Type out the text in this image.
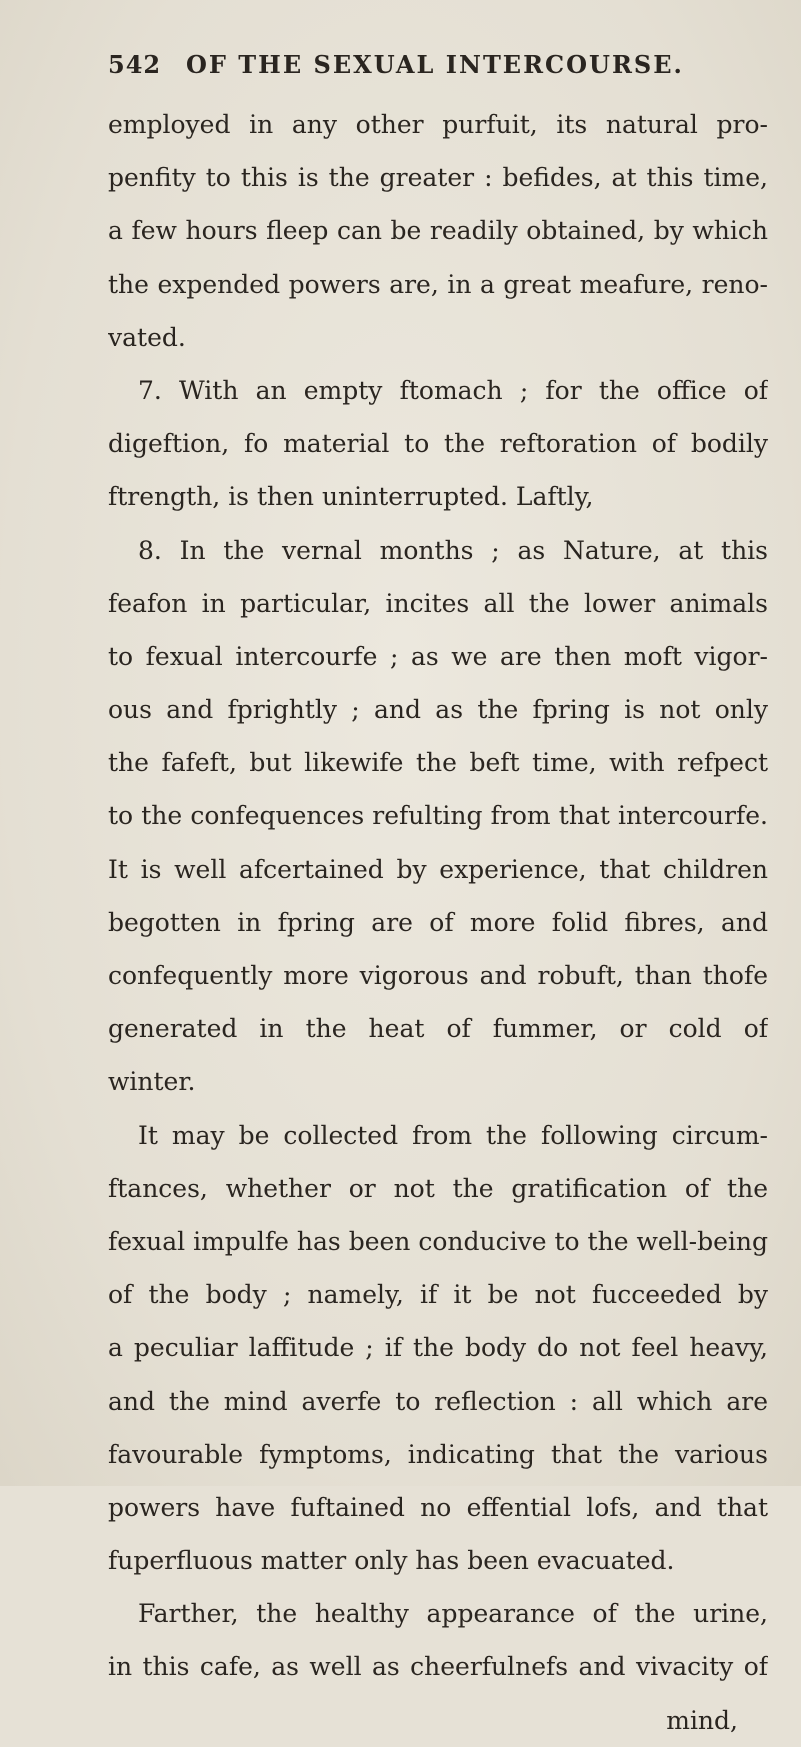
542 OF THE SEXUAL INTERCOURSE.
employed in any other purfuit, its natural pro-
penfity to this is the greater : befides, at this time,
a few hours fleep can be readily obtained, by which
the expended powers are, in a great meafure, reno-
vated.
7. With an empty ftomach ; for the office of
digeftion, fo material to the reftoration of bodily
ftrength, is then uninterrupted. Laftly,
8. In the vernal months ; as Nature, at this
feafon in particular, incites all the lower animals
to fexual intercourfe ; as we are then moft vigor-
ous and fprightly ; and as the fpring is not only
the fafeft, but likewife the beft time, with refpect
to the confequences refulting from that intercourfe.
It is well afcertained by experience, that children
begotten in fpring are of more folid fibres, and
confequently more vigorous and robuft, than thofe
generated in the heat of fummer, or cold of
winter.
It may be collected from the following circum-
ftances, whether or not the gratification of the
fexual impulfe has been conducive to the well-being
of the body ; namely, if it be not fucceeded by
a peculiar laffitude ; if the body do not feel heavy,
and the mind averfe to reflection : all which are
favourable fymptoms, indicating that the various
powers have fuftained no effential lofs, and that
fuperfluous matter only has been evacuated.
Farther, the healthy appearance of the urine,
in this cafe, as well as cheerfulnefs and vivacity of
mind,
